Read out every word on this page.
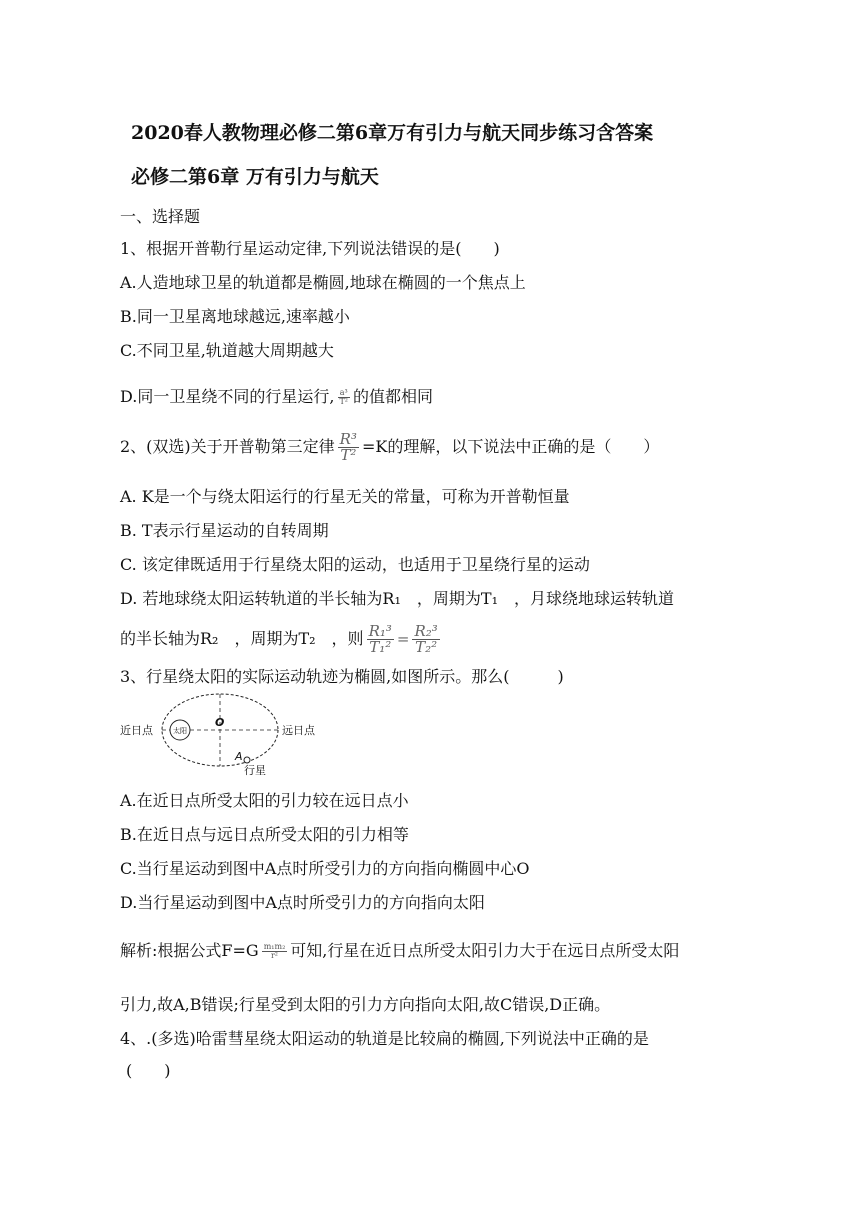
2020春人教物理必修二第6章万有引力与航天同步练习含答案
必修二第6章 万有引力与航天
一、选择题
1、根据开普勒行星运动定律,下列说法错误的是(　　)
A.人造地球卫星的轨道都是椭圆,地球在椭圆的一个焦点上
B.同一卫星离地球越远,速率越小
C.不同卫星,轨道越大周期越大
D.同一卫星绕不同的行星运行, $\frac{\text{a³}}{\text{T²}}$ 的值都相同
2、(双选)关于开普勒第三定律 $\frac{\text{R³}}{\text{T²}} =K$的理解，以下说法中正确的是（　　）
A. K是一个与绕太阳运行的行星无关的常量，可称为开普勒恒量
B. T表示行星运动的自转周期
C. 该定律既适用于行星绕太阳的运动，也适用于卫星绕行星的运动
D. 若地球绕太阳运转轨道的半长轴为R₁　，周期为T₁　，月球绕地球运转轨道
的半长轴为R₂　，周期为T₂　，则 $\frac{\text{R₁³}}{\text{T₁²}} = \frac{\text{R₂³}}{\text{T₂²}}$
3、行星绕太阳的实际运动轨迹为椭圆,如图所示。那么(　　　)
太阳
近日点	远日点
O
A
行星
A.在近日点所受太阳的引力较在远日点小
B.在近日点与远日点所受太阳的引力相等
C.当行星运动到图中A点时所受引力的方向指向椭圆中心O
D.当行星运动到图中A点时所受引力的方向指向太阳
解析:根据公式$F=G \frac{\text{m₁m₂}}{\text{r²}}$ 可知,行星在近日点所受太阳引力大于在远日点所受太阳
引力,故A,B错误;行星受到太阳的引力方向指向太阳,故C错误,D正确。
4、.(多选)哈雷彗星绕太阳运动的轨道是比较扁的椭圆,下列说法中正确的是
(　　)
